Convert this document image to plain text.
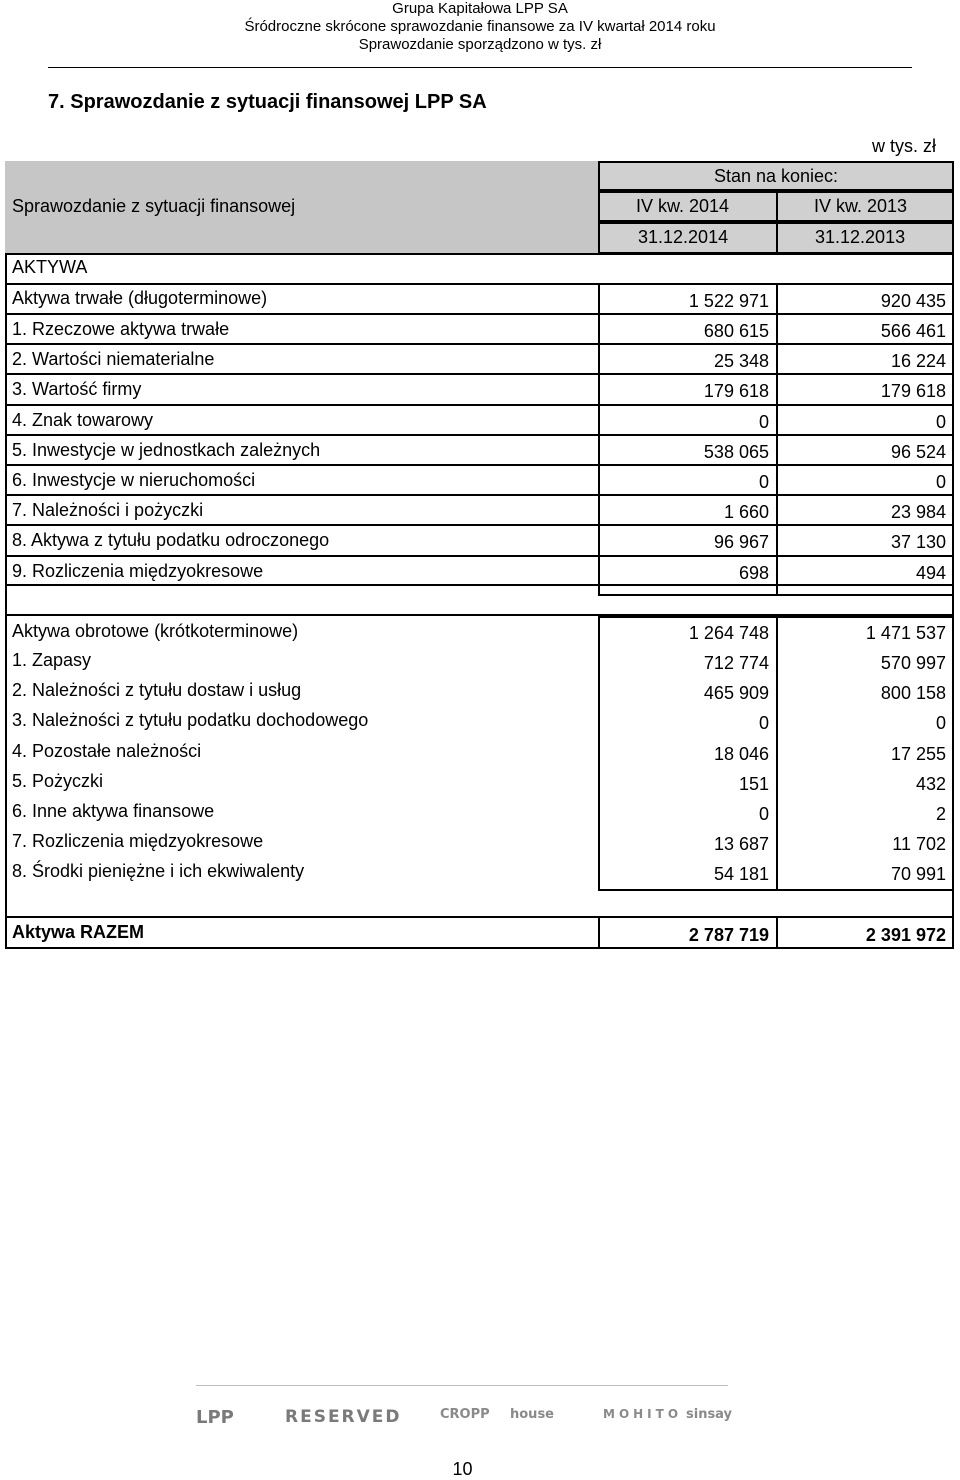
Grupa Kapitałowa LPP SA
Śródroczne skrócone sprawozdanie finansowe za IV kwartał 2014 roku
Sprawozdanie sporządzono w tys. zł
7. Sprawozdanie z sytuacji finansowej LPP SA
w tys. zł
Stan na koniec:
Sprawozdanie z sytuacji finansowej	IV kw. 2014	IV kw. 2013
31.12.2014	31.12.2013
AKTYWA
Aktywa trwałe (długoterminowe)	1 522 971	920 435
1. Rzeczowe aktywa trwałe	680 615	566 461
2. Wartości niematerialne	25 348	16 224
3. Wartość firmy	179 618	179 618
4. Znak towarowy	0	0
5. Inwestycje w jednostkach zależnych	538 065	96 524
6. Inwestycje w nieruchomości	0	0
7. Należności i pożyczki	1 660	23 984
8. Aktywa z tytułu podatku odroczonego	96 967	37 130
9. Rozliczenia międzyokresowe	698	494
Aktywa obrotowe (krótkoterminowe)	1 264 748	1 471 537
1. Zapasy	712 774	570 997
2. Należności z tytułu dostaw i usług	465 909	800 158
3. Należności z tytułu podatku dochodowego	0	0
4. Pozostałe należności	18 046	17 255
5. Pożyczki	151	432
6. Inne aktywa finansowe	0	2
7. Rozliczenia międzyokresowe	13 687	11 702
8. Środki pieniężne i ich ekwiwalenty	54 181	70 991
Aktywa RAZEM	2 787 719	2 391 972
LPP	RESERVED	CROPP house	MOHITO sinsay
10
